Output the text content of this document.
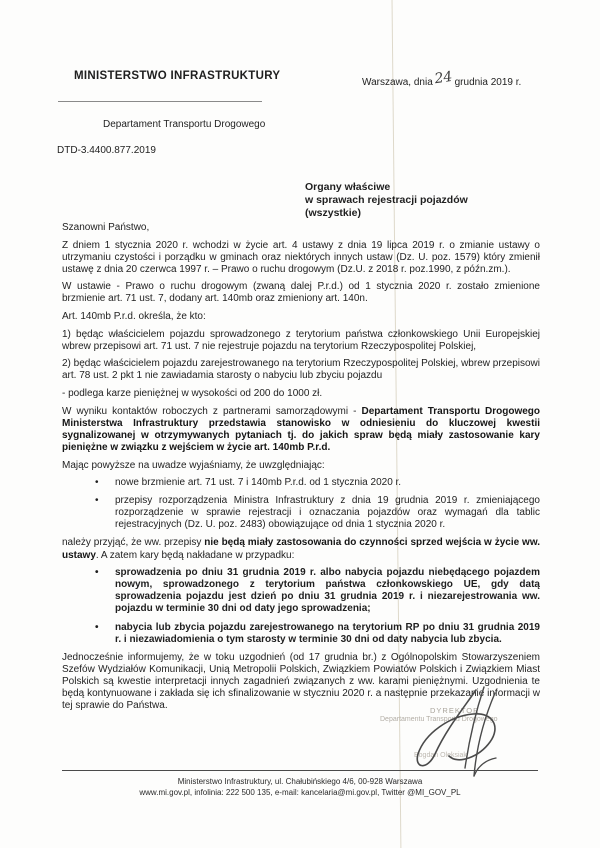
MINISTERSTWO INFRASTRUKTURY
Warszawa, dnia24grudnia 2019 r.
Departament Transportu Drogowego
DTD-3.4400.877.2019
Organy właściwe
w sprawach rejestracji pojazdów
(wszystkie)

Szanowni Państwo,

Z dniem 1 stycznia 2020 r. wchodzi w życie art. 4 ustawy z dnia 19 lipca 2019 r. o zmianie ustawy o utrzymaniu czystości i porządku w gminach oraz niektórych innych ustaw (Dz. U. poz. 1579) który zmienił ustawę z dnia 20 czerwca 1997 r. – Prawo o ruchu drogowym (Dz.U. z 2018 r. poz.1990, z późn.zm.).

W ustawie - Prawo o ruchu drogowym (zwaną dalej P.r.d.) od 1 stycznia 2020 r. zostało zmienione brzmienie art. 71 ust. 7, dodany art. 140mb oraz zmieniony art. 140n.

Art. 140mb P.r.d. określa, że kto:

1) będąc właścicielem pojazdu sprowadzonego z terytorium państwa członkowskiego Unii Europejskiej wbrew przepisowi art. 71 ust. 7 nie rejestruje pojazdu na terytorium Rzeczypospolitej Polskiej,

2) będąc właścicielem pojazdu zarejestrowanego na terytorium Rzeczypospolitej Polskiej, wbrew przepisowi art. 78 ust. 2 pkt 1 nie zawiadamia starosty o nabyciu lub zbyciu pojazdu

- podlega karze pieniężnej w wysokości od 200 do 1000 zł.

W wyniku kontaktów roboczych z partnerami samorządowymi - Departament Transportu Drogowego Ministerstwa Infrastruktury przedstawia stanowisko w odniesieniu do kluczowej kwestii sygnalizowanej w otrzymywanych pytaniach tj. do jakich spraw będą miały zastosowanie kary pieniężne w związku z wejściem w życie art. 140mb P.r.d.

Mając powyższe na uwadze wyjaśniamy, że uwzględniając:

• nowe brzmienie art. 71 ust. 7 i 140mb P.r.d. od 1 stycznia 2020 r.
• przepisy rozporządzenia Ministra Infrastruktury z dnia 19 grudnia 2019 r. zmieniającego rozporządzenie w sprawie rejestracji i oznaczania pojazdów oraz wymagań dla tablic rejestracyjnych (Dz. U. poz. 2483) obowiązujące od dnia 1 stycznia 2020 r.

należy przyjąć, że ww. przepisy nie będą miały zastosowania do czynności sprzed wejścia w życie ww. ustawy. A zatem kary będą nakładane w przypadku:

• sprowadzenia po dniu 31 grudnia 2019 r. albo nabycia pojazdu niebędącego pojazdem nowym, sprowadzonego z terytorium państwa członkowskiego UE, gdy datą sprowadzenia pojazdu jest dzień po dniu 31 grudnia 2019 r. i niezarejestrowania ww. pojazdu w terminie 30 dni od daty jego sprowadzenia;
• nabycia lub zbycia pojazdu zarejestrowanego na terytorium RP po dniu 31 grudnia 2019 r. i niezawiadomienia o tym starosty w terminie 30 dni od daty nabycia lub zbycia.

Jednocześnie informujemy, że w toku uzgodnień (od 17 grudnia br.) z Ogólnopolskim Stowarzyszeniem Szefów Wydziałów Komunikacji, Unią Metropolii Polskich, Związkiem Powiatów Polskich i Związkiem Miast Polskich są kwestie interpretacji innych zagadnień związanych z ww. karami pieniężnymi. Uzgodnienia te będą kontynuowane i zakłada się ich sfinalizowanie w styczniu 2020 r. a następnie przekazanie informacji w tej sprawie do Państwa.	DYREKTOR
Departamentu Transportu Drogowego
Bogdan Oleksiak
Ministerstwo Infrastruktury, ul. Chałubińskiego 4/6, 00-928 Warszawa
www.mi.gov.pl, infolinia: 222 500 135, e-mail: kancelaria@mi.gov.pl, Twitter @MI_GOV_PL
